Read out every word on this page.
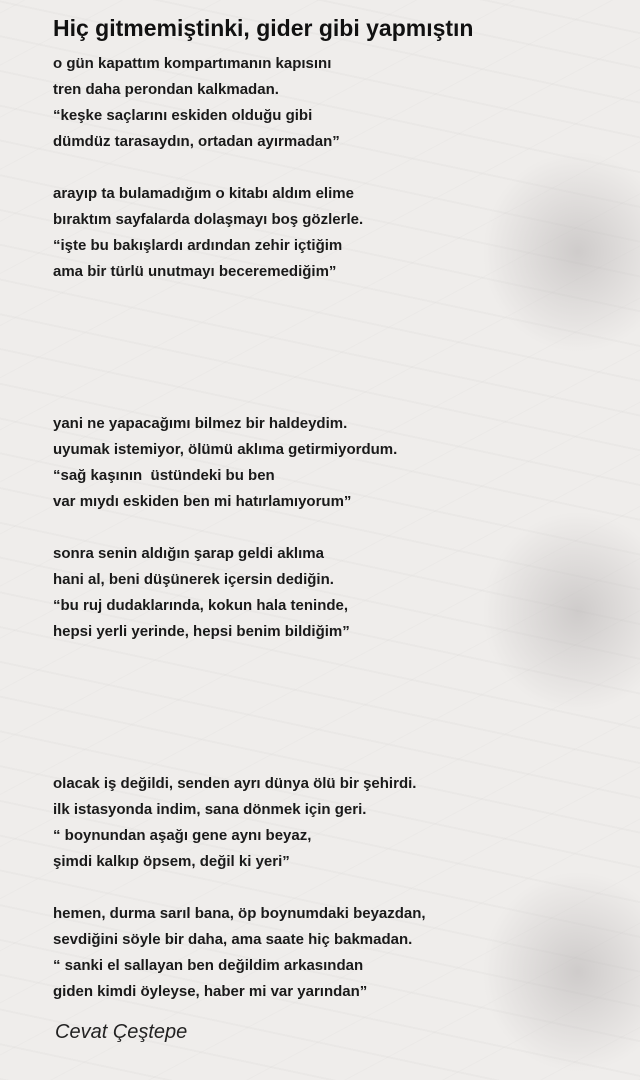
Hiç gitmemiştinki, gider gibi yapmıştın
o gün kapattım kompartımanın kapısını
tren daha perondan kalkmadan.
“keşke saçlarını eskiden olduğu gibi
dümdüz tarasaydın, ortadan ayırmadan”
arayıp ta bulamadığım o kitabı aldım elime
bıraktım sayfalarda dolaşmayı boş gözlerle.
“işte bu bakışlardı ardından zehir içtiğim
ama bir türlü unutmayı beceremediğim”
yani ne yapacağımı bilmez bir haldeydim.
uyumak istemiyor, ölümü aklıma getirmiyordum.
“sağ kaşının  üstündeki bu ben
var mıydı eskiden ben mi hatırlamıyorum”
sonra senin aldığın şarap geldi aklıma
hani al, beni düşünerek içersin dediğin.
“bu ruj dudaklarında, kokun hala teninde,
hepsi yerli yerinde, hepsi benim bildiğim”
olacak iş değildi, senden ayrı dünya ölü bir şehirdi.
ilk istasyonda indim, sana dönmek için geri.
“ boynundan aşağı gene aynı beyaz,
şimdi kalkıp öpsem, değil ki yeri”
hemen, durma sarıl bana, öp boynumdaki beyazdan,
sevdiğini söyle bir daha, ama saate hiç bakmadan.
“ sanki el sallayan ben değildim arkasından
giden kimdi öyleyse, haber mi var yarından”
Cevat Çeştepe
